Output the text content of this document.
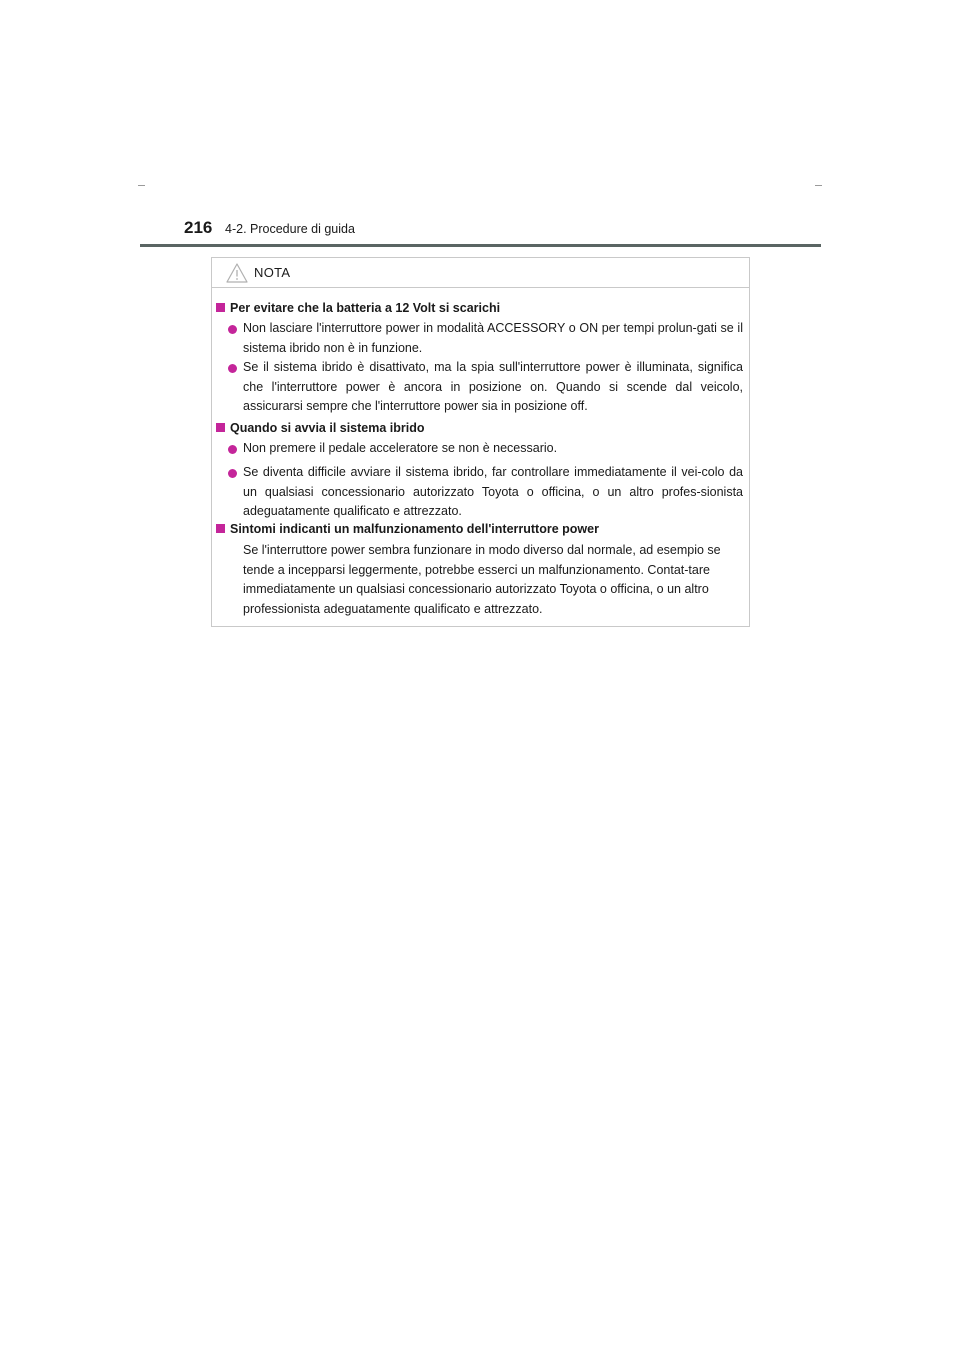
216 4-2. Procedure di guida
NOTA
Per evitare che la batteria a 12 Volt si scarichi
Non lasciare l'interruttore power in modalità ACCESSORY o ON per tempi prolun-gati se il sistema ibrido non è in funzione.
Se il sistema ibrido è disattivato, ma la spia sull'interruttore power è illuminata, significa che l'interruttore power è ancora in posizione on. Quando si scende dal veicolo, assicurarsi sempre che l'interruttore power sia in posizione off.
Quando si avvia il sistema ibrido
Non premere il pedale acceleratore se non è necessario.
Se diventa difficile avviare il sistema ibrido, far controllare immediatamente il vei-colo da un qualsiasi concessionario autorizzato Toyota o officina, o un altro profes-sionista adeguatamente qualificato e attrezzato.
Sintomi indicanti un malfunzionamento dell'interruttore power
Se l'interruttore power sembra funzionare in modo diverso dal normale, ad esempio se tende a incepparsi leggermente, potrebbe esserci un malfunzionamento. Contat-tare immediatamente un qualsiasi concessionario autorizzato Toyota o officina, o un altro professionista adeguatamente qualificato e attrezzato.
